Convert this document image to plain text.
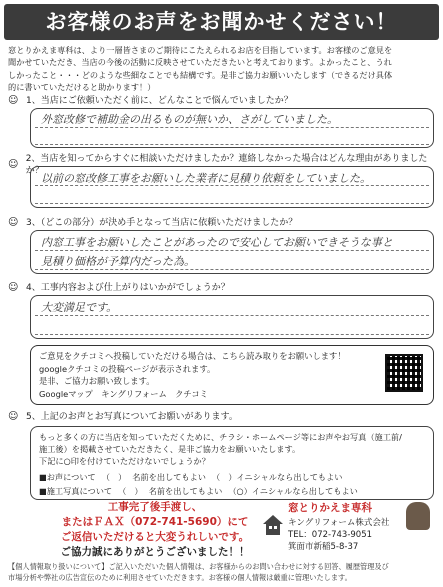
お客様のお声をお聞かせください！
窓とりかえま専科は、より一層皆さまのご期待にこたえられるお店を目指しています。お客様のご意見を
聞かせていただき、当店の今後の活動に反映させていただきたいと考えております。よかったこと、うれ
しかったこと・・・どのような些細なことでも結構です。是非ご協力お願いいたします（できるだけ具体
的に書いていただけると助かります！）
☺ 1、当店にご依頼いただく前に、どんなことで悩んでいましたか？
外窓改修で補助金の出るものが無いか、さがしていました。
☺ 2、当店を知ってからすぐに相談いただけましたか？連絡しなかった場合はどんな理由がありましたか？
以前の窓改修工事をお願いした業者に見積り依頼をしていました。
☺ 3、（どこの部分）が決め手となって当店に依頼いただけましたか？
内窓工事をお願いしたことがあったので安心してお願いできそうな事と
見積り価格が予算内だった為。
☺ 4、工事内容および仕上がりはいかがでしょうか？
大変満足です。
ご意見をクチコミへ投稿していただける場合は、こちら読み取りをお願いします！
googleクチコミの投稿ページが表示されます。
是非、ご協力お願い致します。
Googleマップ　キングリフォーム　クチコミ
☺ 5、上記のお声とお写真についてお願いがあります。
もっと多くの方に当店を知っていただくために、チラシ・ホームページ等にお声やお写真（施工前/
施工後）を掲載させていただきたく、是非ご協力をお願いいたします。
下記に○印を付けていただけないでしょうか？
■お声について （　） 名前を出してもよい （　）イニシャルなら出してもよい
■施工写真について （　） 名前を出してもよい （○）イニシャルなら出してもよい
工事完了後手渡し、
またはＦＡＸ（072-741-5690）にて
ご返信いただけると大変うれしいです。
ご協力誠にありがとうございました！！
窓とりかえま専科
キングリフォーム株式会社
TEL：072-743-9051
箕面市新稲5-8-37
【個人情報取り扱いについて】ご記入いただいた個人情報は、お客様からのお問い合わせに対する回答、履歴管理及び
市場分析や弊社の広告宣伝のために利用させていただきます。お客様の個人情報は厳重に管理いたします。
